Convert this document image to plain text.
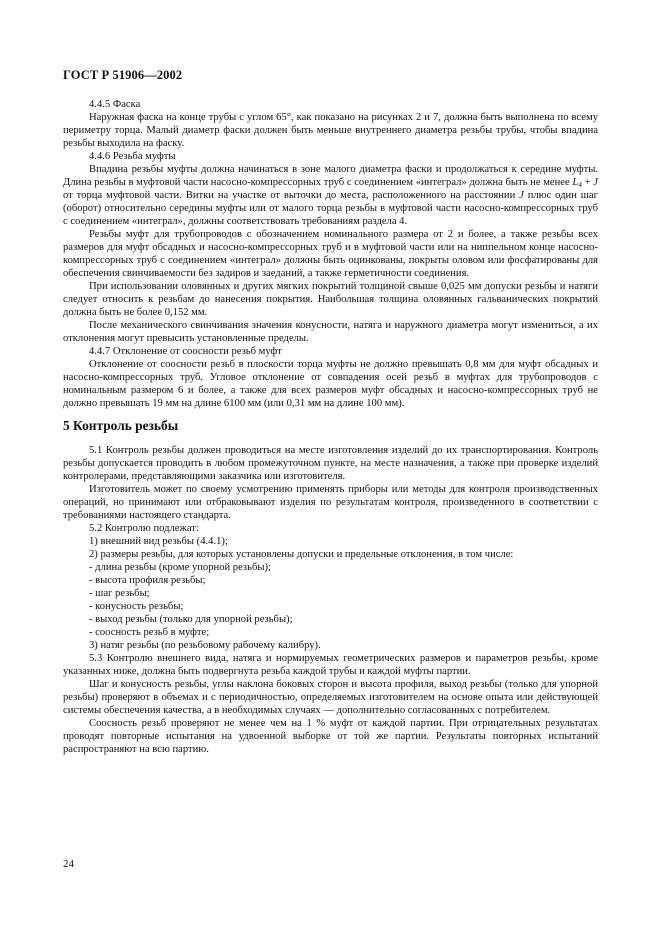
ГОСТ Р 51906—2002

4.4.5 Фаска

Наружная фаска на конце трубы с углом 65°, как показано на рисунках 2 и 7, должна быть выполнена по всему периметру торца. Малый диаметр фаски должен быть меньше внутреннего диаметра резьбы трубы, чтобы впадина резьбы выходила на фаску.

4.4.6 Резьба муфты

Впадина резьбы муфты должна начинаться в зоне малого диаметра фаски и продолжаться к середине муфты. Длина резьбы в муфтовой части насосно-компрессорных труб с соединением «интеграл» должна быть не менее $L_4 + J$ от торца муфтовой части. Витки на участке от выточки до места, расположенного на расстоянии J плюс один шаг (оборот) относительно середины муфты или от малого торца резьбы в муфтовой части насосно-компрессорных труб с соединением «интеграл», должны соответствовать требованиям раздела 4.

Резьбы муфт для трубопроводов с обозначением номинального размера от 2 и более, а также резьбы всех размеров для муфт обсадных и насосно-компрессорных труб и в муфтовой части или на ниппельном конце насосно-компрессорных труб с соединением «интеграл» должны быть оцинкованы, покрыты оловом или фосфатированы для обеспечения свинчиваемости без задиров и заеданий, а также герметичности соединения.

При использовании оловянных и других мягких покрытий толщиной свыше 0,025 мм допуски резьбы и натяги следует относить к резьбам до нанесения покрытия. Наибольшая толщина оловянных гальванических покрытий должна быть не более 0,152 мм.

После механического свинчивания значения конусности, натяга и наружного диаметра могут измениться, а их отклонения могут превысить установленные пределы.

4.4.7 Отклонение от соосности резьб муфт

Отклонение от соосности резьб в плоскости торца муфты не должно превышать 0,8 мм для муфт обсадных и насосно-компрессорных труб. Угловое отклонение от совпадения осей резьб в муфтах для трубопроводов с номинальным размером 6 и более, а также для всех размеров муфт обсадных и насосно-компрессорных труб не должно превышать 19 мм на длине 6100 мм (или 0,31 мм на длине 100 мм).

5 Контроль резьбы

5.1 Контроль резьбы должен проводиться на месте изготовления изделий до их транспортирования. Контроль резьбы допускается проводить в любом промежуточном пункте, на месте назначения, а также при проверке изделий контролерами, представляющими заказчика или изготовителя.

Изготовитель может по своему усмотрению применять приборы или методы для контроля производственных операций, но принимают или отбраковывают изделия по результатам контроля, произведенного в соответствии с требованиями настоящего стандарта.

5.2 Контролю подлежат:

1) внешний вид резьбы (4.4.1);

2) размеры резьбы, для которых установлены допуски и предельные отклонения, в том числе:

- длина резьбы (кроме упорной резьбы);

- высота профиля резьбы;

- шаг резьбы;

- конусность резьбы;

- выход резьбы (только для упорной резьбы);

- соосность резьб в муфте;

3) натяг резьбы (по резьбовому рабочему калибру).

5.3 Контролю внешнего вида, натяга и нормируемых геометрических размеров и параметров резьбы, кроме указанных ниже, должна быть подвергнута резьба каждой трубы и каждой муфты партии.

Шаг и конусность резьбы, углы наклона боковых сторон и высота профиля, выход резьбы (только для упорной резьбы) проверяют в объемах и с периодичностью, определяемых изготовителем на основе опыта или действующей системы обеспечения качества, а в необходимых случаях — дополнительно согласованных с потребителем.

Соосность резьб проверяют не менее чем на 1 % муфт от каждой партии. При отрицательных результатах проводят повторные испытания на удвоенной выборке от той же партии. Результаты повторных испытаний распространяют на всю партию.

24
